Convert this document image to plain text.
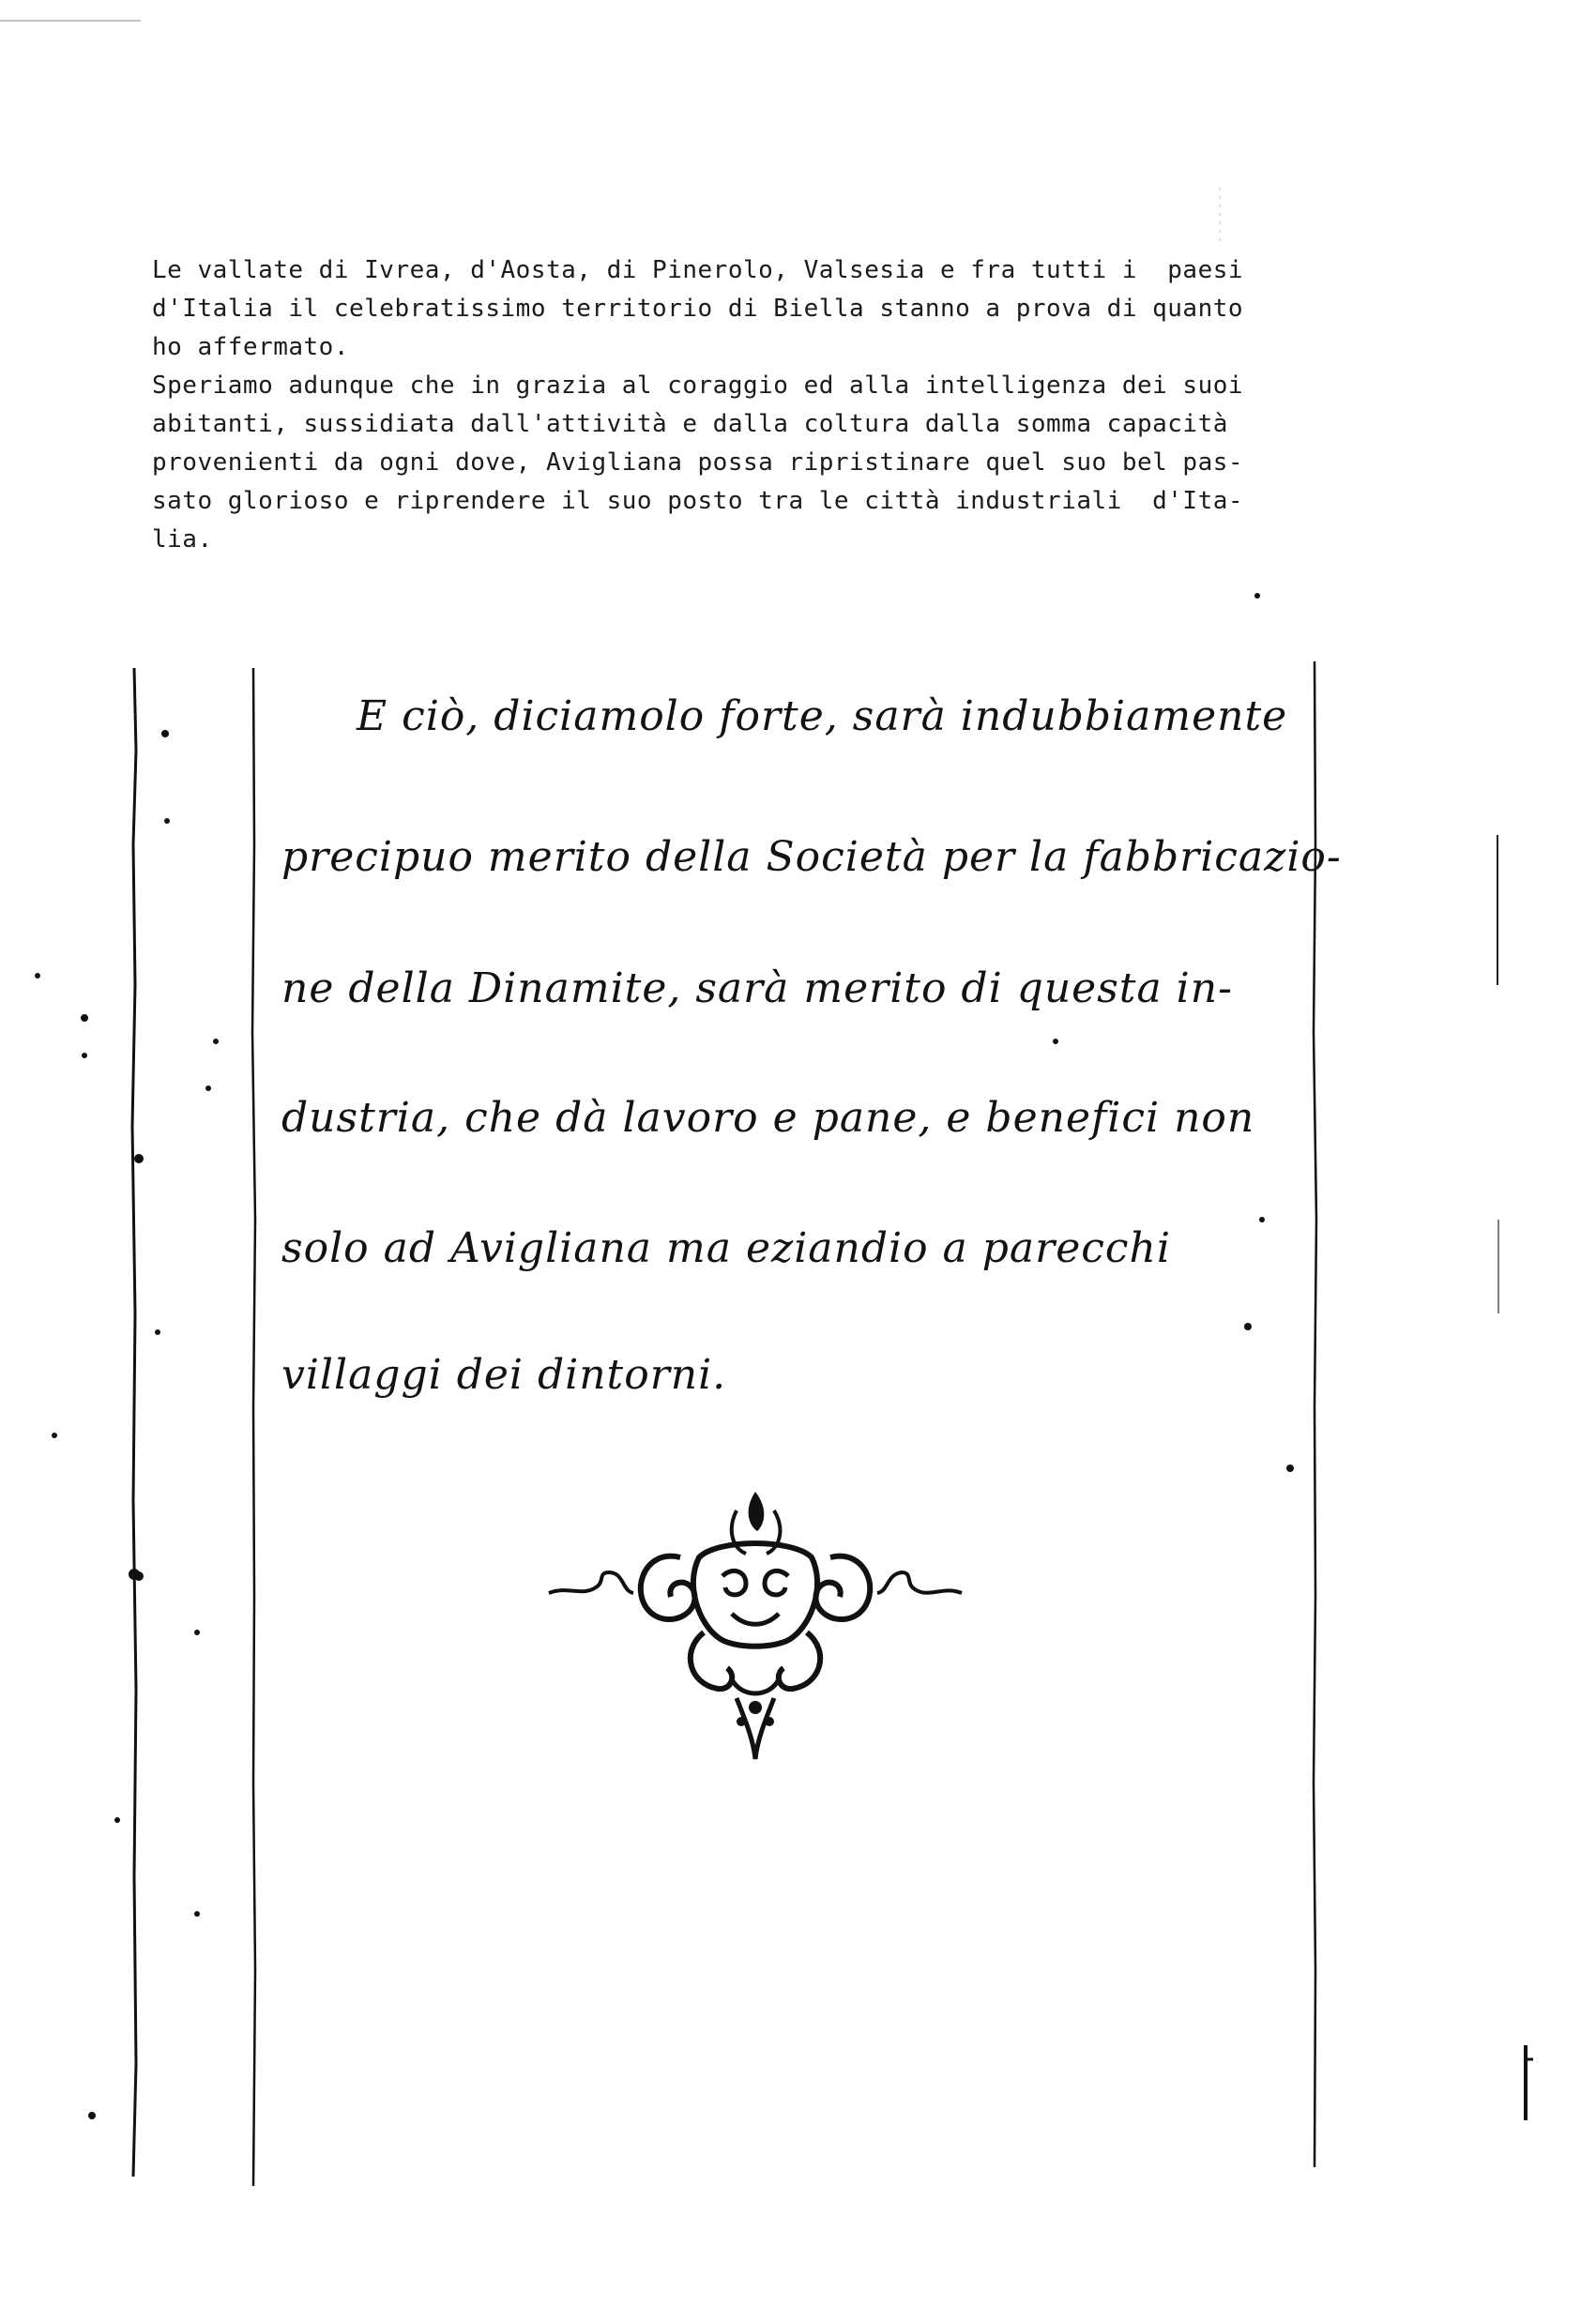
Le vallate di Ivrea, d'Aosta, di Pinerolo, Valsesia e fra tutti i  paesi
d'Italia il celebratissimo territorio di Biella stanno a prova di quanto
ho affermato.
Speriamo adunque che in grazia al coraggio ed alla intelligenza dei suoi
abitanti, sussidiata dall'attività e dalla coltura dalla somma capacità
provenienti da ogni dove, Avigliana possa ripristinare quel suo bel pas-
sato glorioso e riprendere il suo posto tra le città industriali  d'Ita-
lia.
E ciò, diciamolo forte, sarà indubbiamente
precipuo merito della Società per la fabbricazio-
ne della Dinamite, sarà merito di questa in-
dustria, che dà lavoro e pane, e benefici non
solo ad Avigliana ma eziandio a parecchi
villaggi dei dintorni.
